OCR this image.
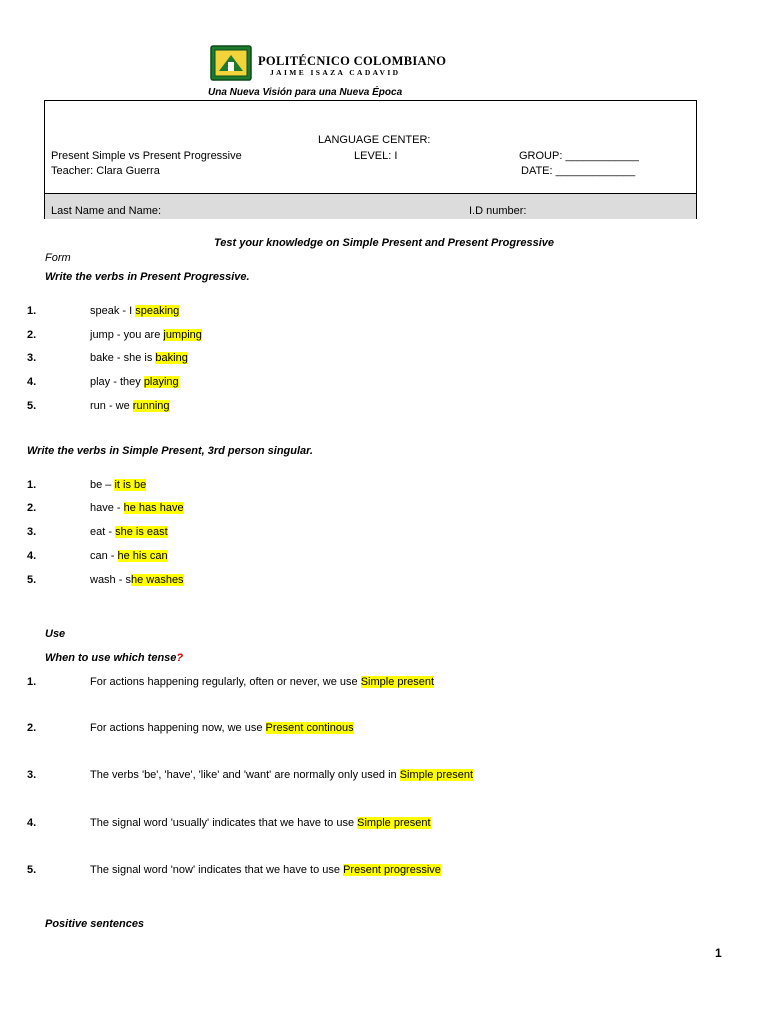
POLITÉCNICO COLOMBIANO
JAIME ISAZA CADAVID
Una Nueva Visión para una Nueva Época
LANGUAGE CENTER:
Present Simple vs Present Progressive	LEVEL: I	GROUP: ____________
Teacher: Clara Guerra	DATE: _____________
Last Name and Name:	I.D number:
Test your knowledge on Simple Present and Present Progressive
Form
Write the verbs in Present Progressive.
1.	speak - I speaking
2.	jump - you are jumping
3.	bake - she is baking
4.	play - they playing
5.	run - we running
Write the verbs in Simple Present, 3rd person singular.
1.	be – it is be
2.	have - he has have
3.	eat - she is east
4.	can - he his can
5.	wash - she washes
Use
When to use which tense?
1.	For actions happening regularly, often or never, we use Simple present
2.	For actions happening now, we use Present continous
3.	The verbs 'be', 'have', 'like' and 'want' are normally only used in Simple present
4.	The signal word 'usually' indicates that we have to use Simple present
5.	The signal word 'now' indicates that we have to use Present progressive
Positive sentences
1
